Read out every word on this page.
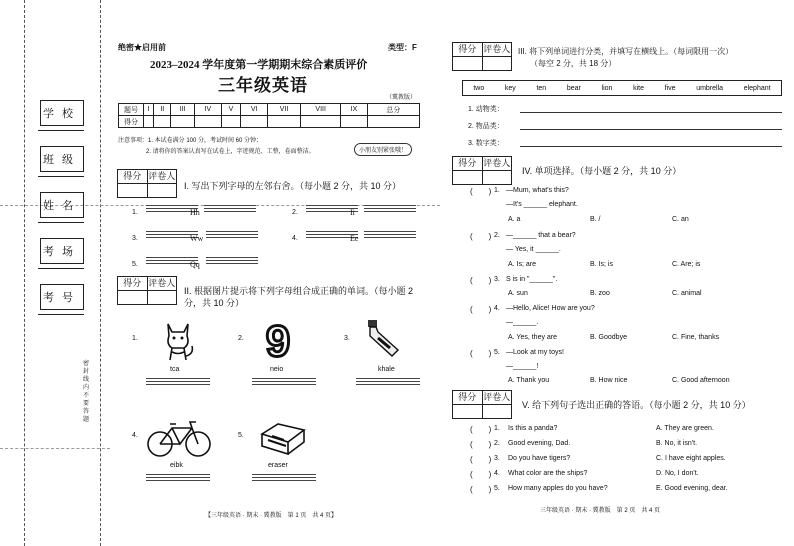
学校
班级
姓名
考场
考号
密封线内不要答题
绝密★启用前	类型：F
2023–2024 学年度第一学期期末综合素质评价
三年级英语
（冀教版）
题号	I	II	III	IV	V	VI	VII	VIII	IX	总分
得分										
注意事项：1. 本试卷满分 100 分，考试时间 60 分钟；
2. 请将你的答案认真写在试卷上，字迹规范、工整，卷面整洁。	小朋友别紧张哦！
得分 评卷人
I. 写出下列字母的左邻右舍。（每小题 2 分，共 10 分）
1.	Hh	2.	Ii
3.	Ww	4.	Ee
5.	Qq
得分 评卷人
II. 根据图片提示将下列字母组合成正确的单词。（每小题 2
分，共 10 分）
1.
tca
2. 9
neio
3.
khale
4.
eibk
5.
eraser
【三年级英语 · 期末 · 冀教版　第 1 页　共 4 页】
得分 评卷人 III. 将下列单词进行分类，并填写在横线上。（每词限用一次）
（每空 2 分，共 18 分）
two	key	ten	bear	lion	kite	five	umbrella	elephant
1. 动物类：
2. 物品类：
3. 数字类：
得分 评卷人
IV. 单项选择。（每小题 2 分，共 10 分）
(　　) 1. —Mum, what's this?
—It's ______ elephant.
A. a	B. /	C. an
(　　) 2. —______ that a bear?
— Yes, it ______.
A. Is; are	B. Is; is	C. Are; is
(　　) 3. S is in "______".
A. sun	B. zoo	C. animal
(　　) 4. —Hello, Alice! How are you?
—______.
A. Yes, they are	B. Goodbye	C. Fine, thanks
(　　) 5. —Look at my toys!
—______!
A. Thank you	B. How nice	C. Good afternoon
得分 评卷人
V. 给下列句子选出正确的答语。（每小题 2 分，共 10 分）
(　　) 1. Is this a panda?	A. They are green.
(　　) 2. Good evening, Dad.	B. No, it isn't.
(　　) 3. Do you have tigers?	C. I have eight apples.
(　　) 4. What color are the ships?	D. No, I don't.
(　　) 5. How many apples do you have?	E. Good evening, dear.
三年级英语 · 期末 · 冀教版　第 2 页　共 4 页
